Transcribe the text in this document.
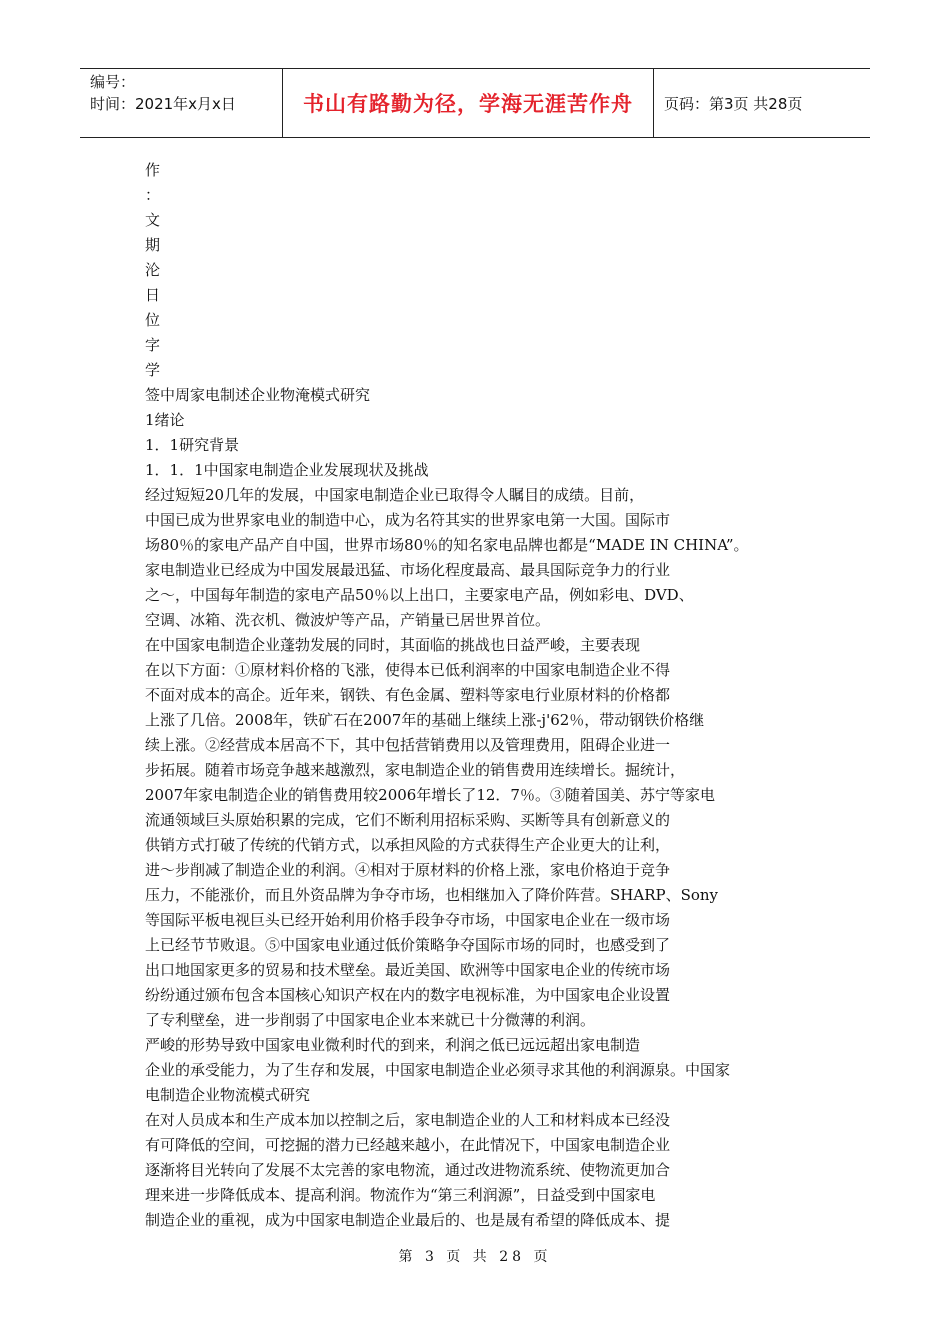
编号：
时间：2021年x月x日	书山有路勤为径，学海无涯苦作舟 页码：第3页 共28页
作
：
文
期
沦
日
位
字
学
签中周家电制述企业物淹模式研究
1绪论
1．1研究背景
1．1．1中国家电制造企业发展现状及挑战
经过短短20几年的发展，中国家电制造企业已取得令人瞩目的成绩。目前，
中国已成为世界家电业的制造中心，成为名符其实的世界家电第一大国。国际市
场80％的家电产品产自中国，世界市场80％的知名家电品牌也都是“MADE IN CHINA”。
家电制造业已经成为中国发展最迅猛、市场化程度最高、最具国际竞争力的行业
之～，中国每年制造的家电产品50％以上出口，主要家电产品，例如彩电、DVD、
空调、冰箱、洗衣机、微波炉等产品，产销量已居世界首位。
在中国家电制造企业蓬勃发展的同时，其面临的挑战也日益严峻，主要表现
在以下方面：①原材料价格的飞涨，使得本已低利润率的中国家电制造企业不得
不面对成本的高企。近年来，钢铁、有色金属、塑料等家电行业原材料的价格都
上涨了几倍。2008年，铁矿石在2007年的基础上继续上涨-j'62％，带动钢铁价格继
续上涨。②经营成本居高不下，其中包括营销费用以及管理费用，阻碍企业进一
步拓展。随着市场竞争越来越激烈，家电制造企业的销售费用连续增长。掘统计，
2007年家电制造企业的销售费用较2006年增长了12．7％。③随着国美、苏宁等家电
流通领域巨头原始积累的完成，它们不断利用招标采购、买断等具有创新意义的
供销方式打破了传统的代销方式，以承担风险的方式获得生产企业更大的让利，
进～步削减了制造企业的利润。④相对于原材料的价格上涨，家电价格迫于竞争
压力，不能涨价，而且外资品牌为争夺市场，也相继加入了降价阵营。SHARP、Sony
等国际平板电视巨头已经开始利用价格手段争夺市场，中国家电企业在一级市场
上已经节节败退。⑤中国家电业通过低价策略争夺国际市场的同时，也感受到了
出口地国家更多的贸易和技术壁垒。最近美国、欧洲等中国家电企业的传统市场
纷纷通过颁布包含本国核心知识产权在内的数字电视标准，为中国家电企业设置
了专利壁垒，进一步削弱了中国家电企业本来就已十分微薄的利润。
严峻的形势导致中国家电业微利时代的到来，利润之低已远远超出家电制造
企业的承受能力，为了生存和发展，中国家电制造企业必须寻求其他的利润源泉。中国家
电制造企业物流模式研究
在对人员成本和生产成本加以控制之后，家电制造企业的人工和材料成本已经没
有可降低的空间，可挖掘的潜力已经越来越小，在此情况下，中国家电制造企业
逐渐将目光转向了发展不太完善的家电物流，通过改进物流系统、使物流更加合
理来进一步降低成本、提高利润。物流作为“第三利润源”，日益受到中国家电
制造企业的重视，成为中国家电制造企业最后的、也是晟有希望的降低成本、提
第 3 页 共 28 页
